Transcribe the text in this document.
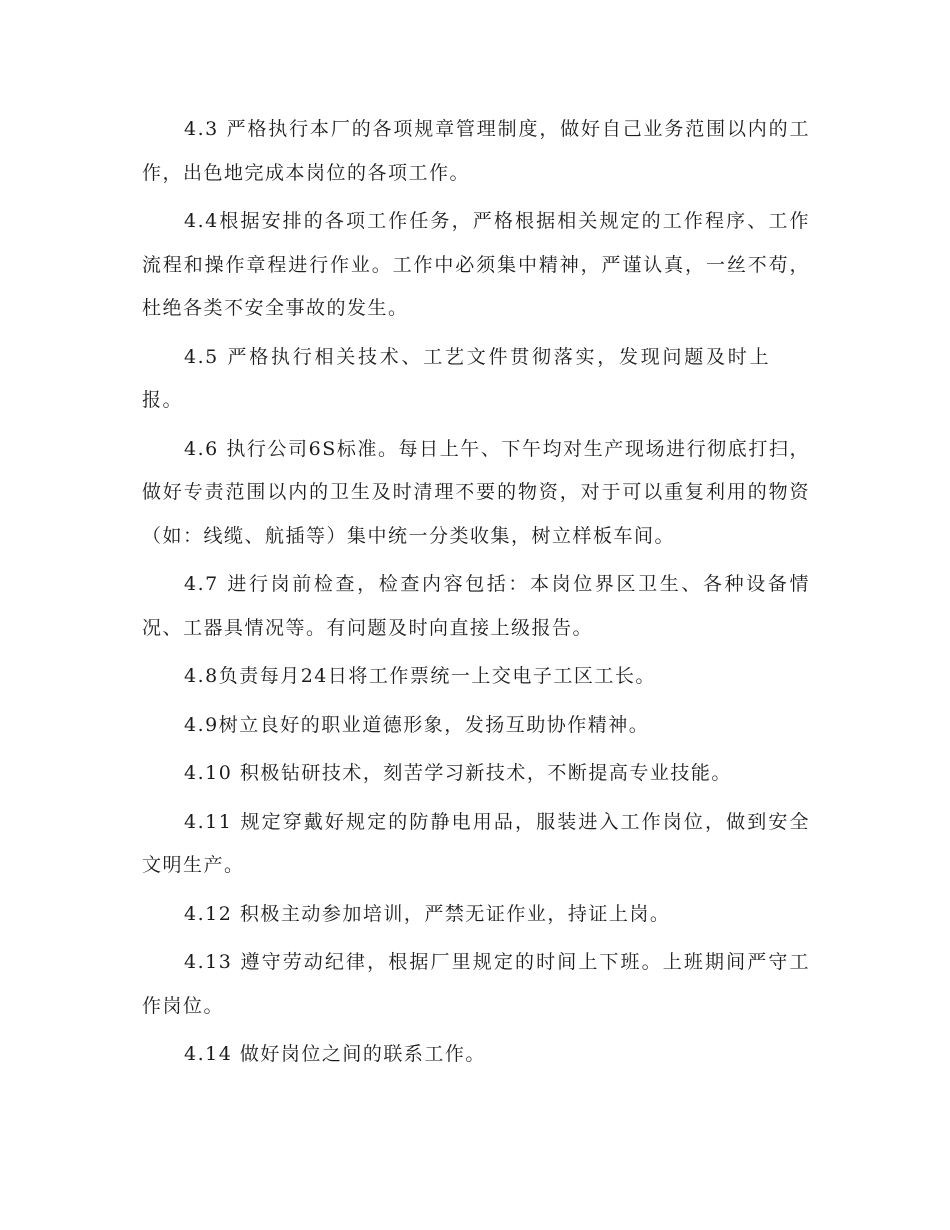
4.3 严格执行本厂的各项规章管理制度，做好自己业务范围以内的工作，出色地完成本岗位的各项工作。

4.4根据安排的各项工作任务，严格根据相关规定的工作程序、工作流程和操作章程进行作业。工作中必须集中精神，严谨认真，一丝不苟，杜绝各类不安全事故的发生。

4.5 严格执行相关技术、工艺文件贯彻落实，发现问题及时上报。

4.6 执行公司6S标准。每日上午、下午均对生产现场进行彻底打扫，做好专责范围以内的卫生及时清理不要的物资，对于可以重复利用的物资（如：线缆、航插等）集中统一分类收集，树立样板车间。

4.7 进行岗前检查，检查内容包括：本岗位界区卫生、各种设备情况、工器具情况等。有问题及时向直接上级报告。

4.8负责每月24日将工作票统一上交电子工区工长。

4.9树立良好的职业道德形象，发扬互助协作精神。

4.10 积极钻研技术，刻苦学习新技术，不断提高专业技能。

4.11 规定穿戴好规定的防静电用品，服装进入工作岗位，做到安全文明生产。

4.12 积极主动参加培训，严禁无证作业，持证上岗。

4.13 遵守劳动纪律，根据厂里规定的时间上下班。上班期间严守工作岗位。

4.14 做好岗位之间的联系工作。
